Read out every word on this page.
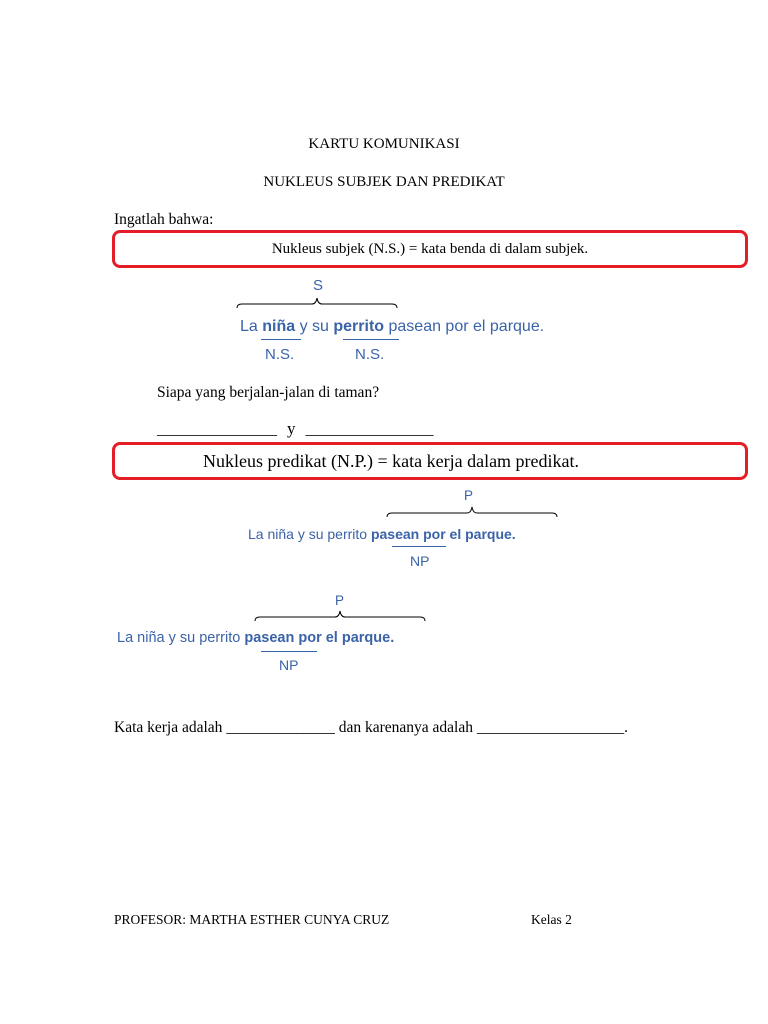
KARTU KOMUNIKASI
NUKLEUS SUBJEK DAN PREDIKAT
Ingatlah bahwa:
Nukleus subjek (N.S.) = kata benda di dalam subjek.
S
La niña y su perrito pasean por el parque.
N.S.	N.S.
Siapa yang berjalan-jalan di taman?
_______________ y ________________
Nukleus predikat (N.P.) = kata kerja dalam predikat.
P
La niña y su perrito pasean por el parque.
NP
P
La niña y su perrito pasean por el parque.
NP
Kata kerja adalah ______________ dan karenanya adalah ___________________.
PROFESOR: MARTHA ESTHER CUNYA CRUZ	Kelas 2
